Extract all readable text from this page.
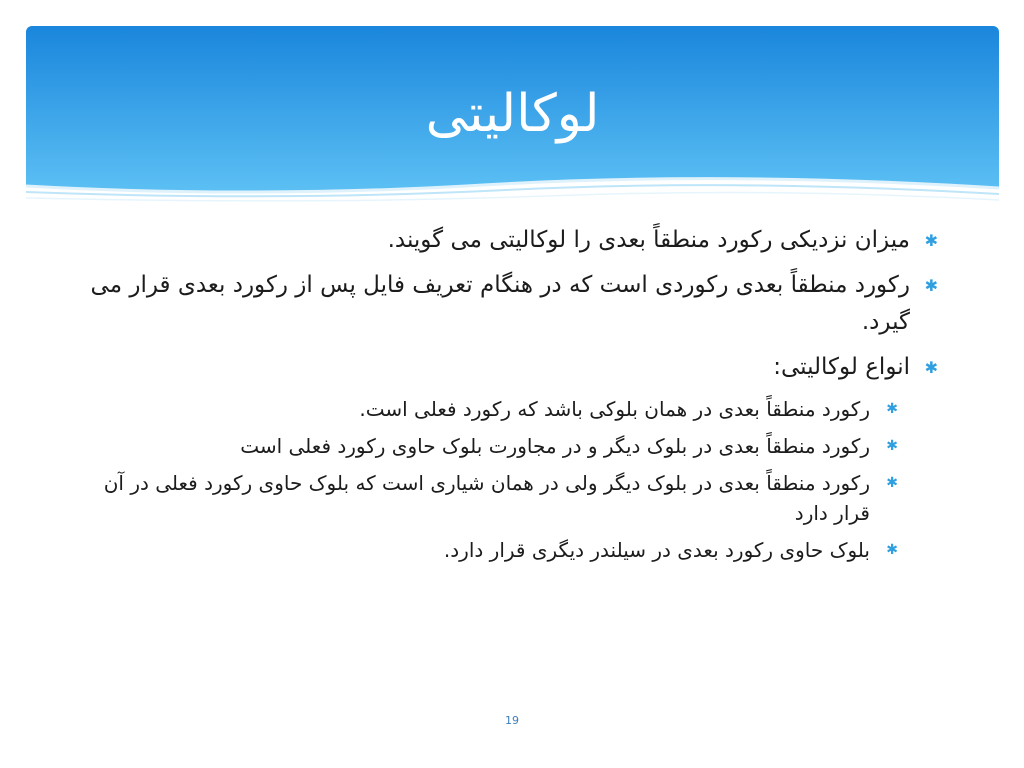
لوکالیتی
✱
میزان نزدیکی رکورد منطقاً بعدی را لوکالیتی می گویند.
✱
رکورد منطقاً بعدی رکوردی است که در هنگام تعریف فایل پس از رکورد بعدی قرار می گیرد.
✱
انواع لوکالیتی:
✱
رکورد منطقاً بعدی در همان بلوکی باشد که رکورد فعلی است.
✱
رکورد منطقاً بعدی در بلوک دیگر و در مجاورت بلوک حاوی رکورد فعلی است
✱
رکورد منطقاً بعدی در بلوک دیگر ولی در همان شیاری است که بلوک حاوی رکورد فعلی در آن قرار دارد
✱
بلوک حاوی رکورد بعدی در سیلندر دیگری قرار دارد.
19
